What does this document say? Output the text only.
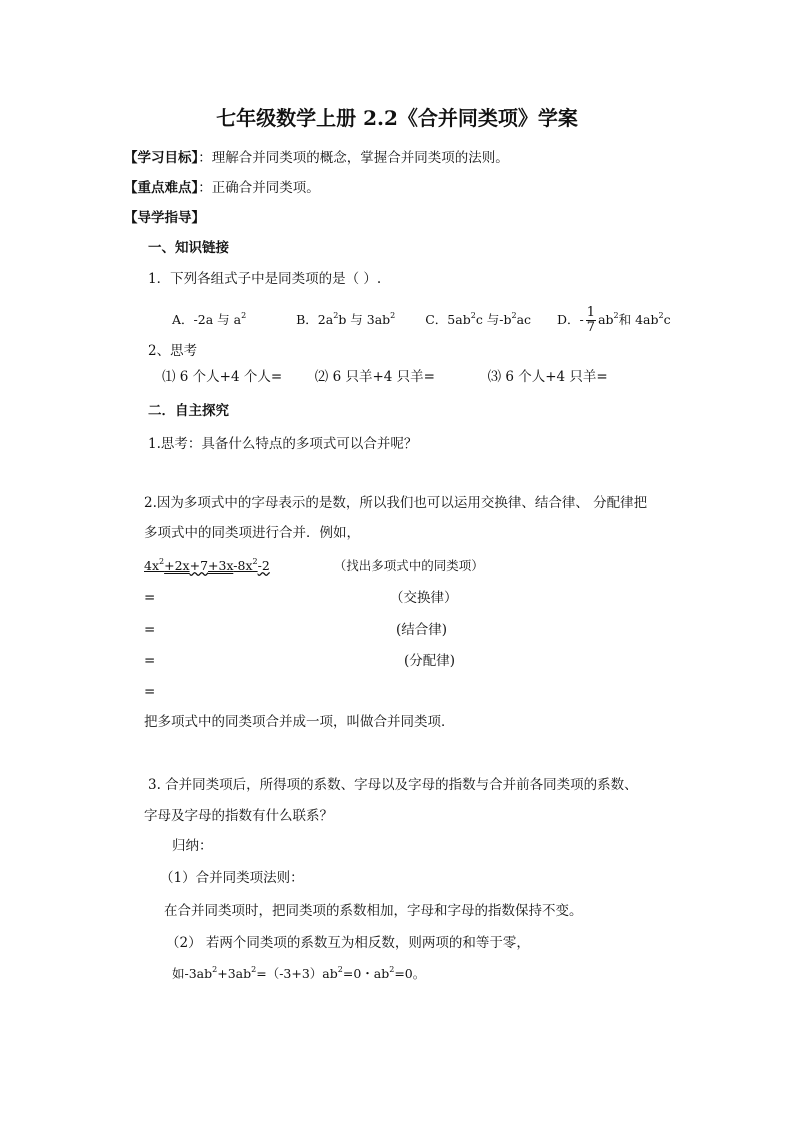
七年级数学上册 2.2《合并同类项》学案
【学习目标】：理解合并同类项的概念，掌握合并同类项的法则。
【重点难点】：正确合并同类项。
【导学指导】
一、知识链接
1．下列各组式子中是同类项的是（ ）.
A．-2a 与 $a^2$	B．$2a^2b$ 与 $3ab^2$ C．$5ab^2c$ 与$-b^2ac$ D．- $\frac{1}{7} ab^2$和 $4ab^2c$
2、思考
⑴ 6 个人+4 个人= ⑵ 6 只羊+4 只羊=	⑶ 6 个人+4 只羊=
二．自主探究
1.思考：具备什么特点的多项式可以合并呢？
2.因为多项式中的字母表示的是数，所以我们也可以运用交换律、结合律、 分配律把
多项式中的同类项进行合并．例如，
$4x^2+2x+7+3x-8x^2-2$	（找出多项式中的同类项）
=	（交换律）
=	(结合律)
=	(分配律)
=
把多项式中的同类项合并成一项，叫做合并同类项．
3. 合并同类项后，所得项的系数、字母以及字母的指数与合并前各同类项的系数、
字母及字母的指数有什么联系？
归纳：
（1）合并同类项法则：
在合并同类项时，把同类项的系数相加，字母和字母的指数保持不变。
（2） 若两个同类项的系数互为相反数，则两项的和等于零，
如$-3ab^2+3ab^2=(-3+3)ab^2=0$・$ab^2=0$。
